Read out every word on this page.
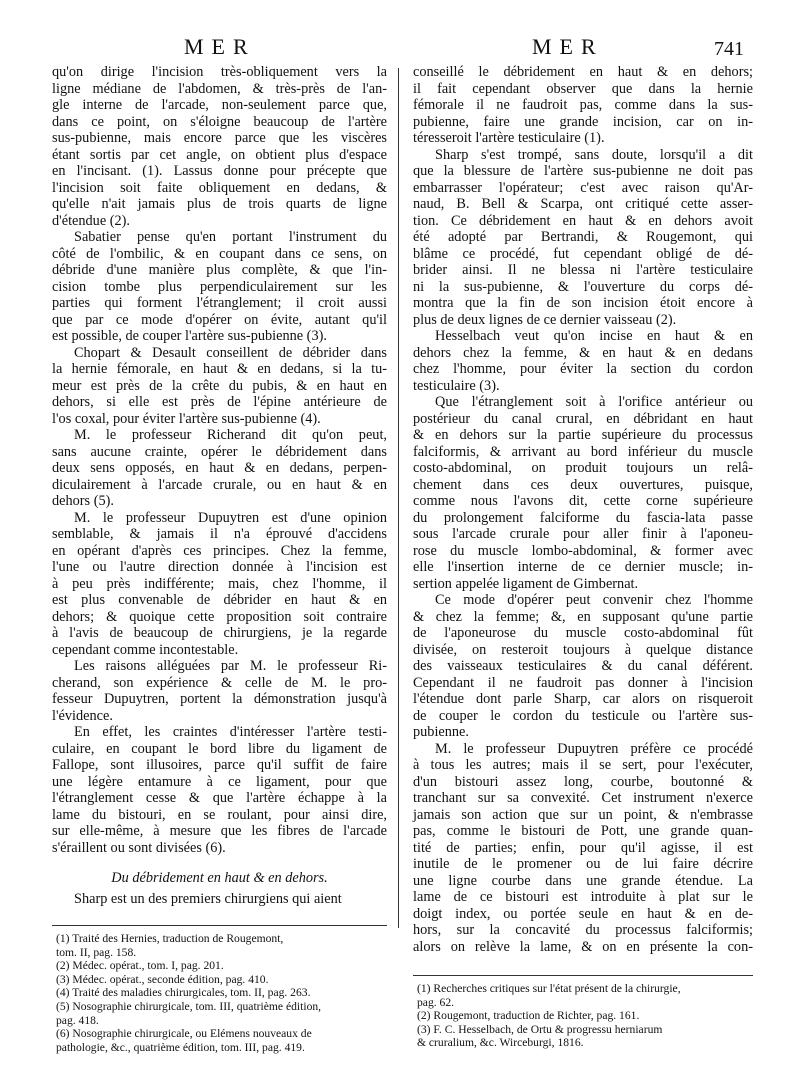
MER	MER	741
qu'on dirige l'incision très-obliquement vers la
ligne médiane de l'abdomen, & très-près de l'an-
gle interne de l'arcade, non-seulement parce que,
dans ce point, on s'éloigne beaucoup de l'artère
sus-pubienne, mais encore parce que les viscères
étant sortis par cet angle, on obtient plus d'espace
en l'incisant. (1). Lassus donne pour précepte que
l'incision soit faite obliquement en dedans, &
qu'elle n'ait jamais plus de trois quarts de ligne
d'étendue (2).
Sabatier pense qu'en portant l'instrument du
côté de l'ombilic, & en coupant dans ce sens, on
débride d'une manière plus complète, & que l'in-
cision tombe plus perpendiculairement sur les
parties qui forment l'étranglement; il croit aussi
que par ce mode d'opérer on évite, autant qu'il
est possible, de couper l'artère sus-pubienne (3).
Chopart & Desault conseillent de débrider dans
la hernie fémorale, en haut & en dedans, si la tu-
meur est près de la crête du pubis, & en haut en
dehors, si elle est près de l'épine antérieure de
l'os coxal, pour éviter l'artère sus-pubienne (4).
M. le professeur Richerand dit qu'on peut,
sans aucune crainte, opérer le débridement dans
deux sens opposés, en haut & en dedans, perpen-
diculairement à l'arcade crurale, ou en haut & en
dehors (5).
M. le professeur Dupuytren est d'une opinion
semblable, & jamais il n'a éprouvé d'accidens
en opérant d'après ces principes. Chez la femme,
l'une ou l'autre direction donnée à l'incision est
à peu près indifférente; mais, chez l'homme, il
est plus convenable de débrider en haut & en
dehors; & quoique cette proposition soit contraire
à l'avis de beaucoup de chirurgiens, je la regarde
cependant comme incontestable.
Les raisons alléguées par M. le professeur Ri-
cherand, son expérience & celle de M. le pro-
fesseur Dupuytren, portent la démonstration jusqu'à
l'évidence.
En effet, les craintes d'intéresser l'artère testi-
culaire, en coupant le bord libre du ligament de
Fallope, sont illusoires, parce qu'il suffit de faire
une légère entamure à ce ligament, pour que
l'étranglement cesse & que l'artère échappe à la
lame du bistouri, en se roulant, pour ainsi dire,
sur elle-même, à mesure que les fibres de l'arcade
s'éraillent ou sont divisées (6).
Du débridement en haut & en dehors.
Sharp est un des premiers chirurgiens qui aient
(1) Traité des Hernies, traduction de Rougemont,
tom. II, pag. 158.
(2) Médec. opérat., tom. I, pag. 201.
(3) Médec. opérat., seconde édition, pag. 410.
(4) Traité des maladies chirurgicales, tom. II, pag. 263.
(5) Nosographie chirurgicale, tom. III, quatrième édition,
pag. 418.
(6) Nosographie chirurgicale, ou Elémens nouveaux de
pathologie, &c., quatrième édition, tom. III, pag. 419.
conseillé le débridement en haut & en dehors;
il fait cependant observer que dans la hernie
fémorale il ne faudroit pas, comme dans la sus-
pubienne, faire une grande incision, car on in-
téresseroit l'artère testiculaire (1).
Sharp s'est trompé, sans doute, lorsqu'il a dit
que la blessure de l'artère sus-pubienne ne doit pas
embarrasser l'opérateur; c'est avec raison qu'Ar-
naud, B. Bell & Scarpa, ont critiqué cette asser-
tion. Ce débridement en haut & en dehors avoit
été adopté par Bertrandi, & Rougemont, qui
blâme ce procédé, fut cependant obligé de dé-
brider ainsi. Il ne blessa ni l'artère testiculaire
ni la sus-pubienne, & l'ouverture du corps dé-
montra que la fin de son incision étoit encore à
plus de deux lignes de ce dernier vaisseau (2).
Hesselbach veut qu'on incise en haut & en
dehors chez la femme, & en haut & en dedans
chez l'homme, pour éviter la section du cordon
testiculaire (3).
Que l'étranglement soit à l'orifice antérieur ou
postérieur du canal crural, en débridant en haut
& en dehors sur la partie supérieure du processus
falciformis, & arrivant au bord inférieur du muscle
costo-abdominal, on produit toujours un relâ-
chement dans ces deux ouvertures, puisque,
comme nous l'avons dit, cette corne supérieure
du prolongement falciforme du fascia-lata passe
sous l'arcade crurale pour aller finir à l'aponeu-
rose du muscle lombo-abdominal, & former avec
elle l'insertion interne de ce dernier muscle; in-
sertion appelée ligament de Gimbernat.
Ce mode d'opérer peut convenir chez l'homme
& chez la femme; &, en supposant qu'une partie
de l'aponeurose du muscle costo-abdominal fût
divisée, on resteroit toujours à quelque distance
des vaisseaux testiculaires & du canal déférent.
Cependant il ne faudroit pas donner à l'incision
l'étendue dont parle Sharp, car alors on risqueroit
de couper le cordon du testicule ou l'artère sus-
pubienne.
M. le professeur Dupuytren préfère ce procédé
à tous les autres; mais il se sert, pour l'exécuter,
d'un bistouri assez long, courbe, boutonné &
tranchant sur sa convexité. Cet instrument n'exerce
jamais son action que sur un point, & n'embrasse
pas, comme le bistouri de Pott, une grande quan-
tité de parties; enfin, pour qu'il agisse, il est
inutile de le promener ou de lui faire décrire
une ligne courbe dans une grande étendue. La
lame de ce bistouri est introduite à plat sur le
doigt index, ou portée seule en haut & en de-
hors, sur la concavité du processus falciformis;
alors on relève la lame, & on en présente la con-
(1) Recherches critiques sur l'état présent de la chirurgie,
pag. 62.
(2) Rougemont, traduction de Richter, pag. 161.
(3) F. C. Hesselbach, de Ortu & progressu herniarum
& cruralium, &c. Wirceburgi, 1816.
